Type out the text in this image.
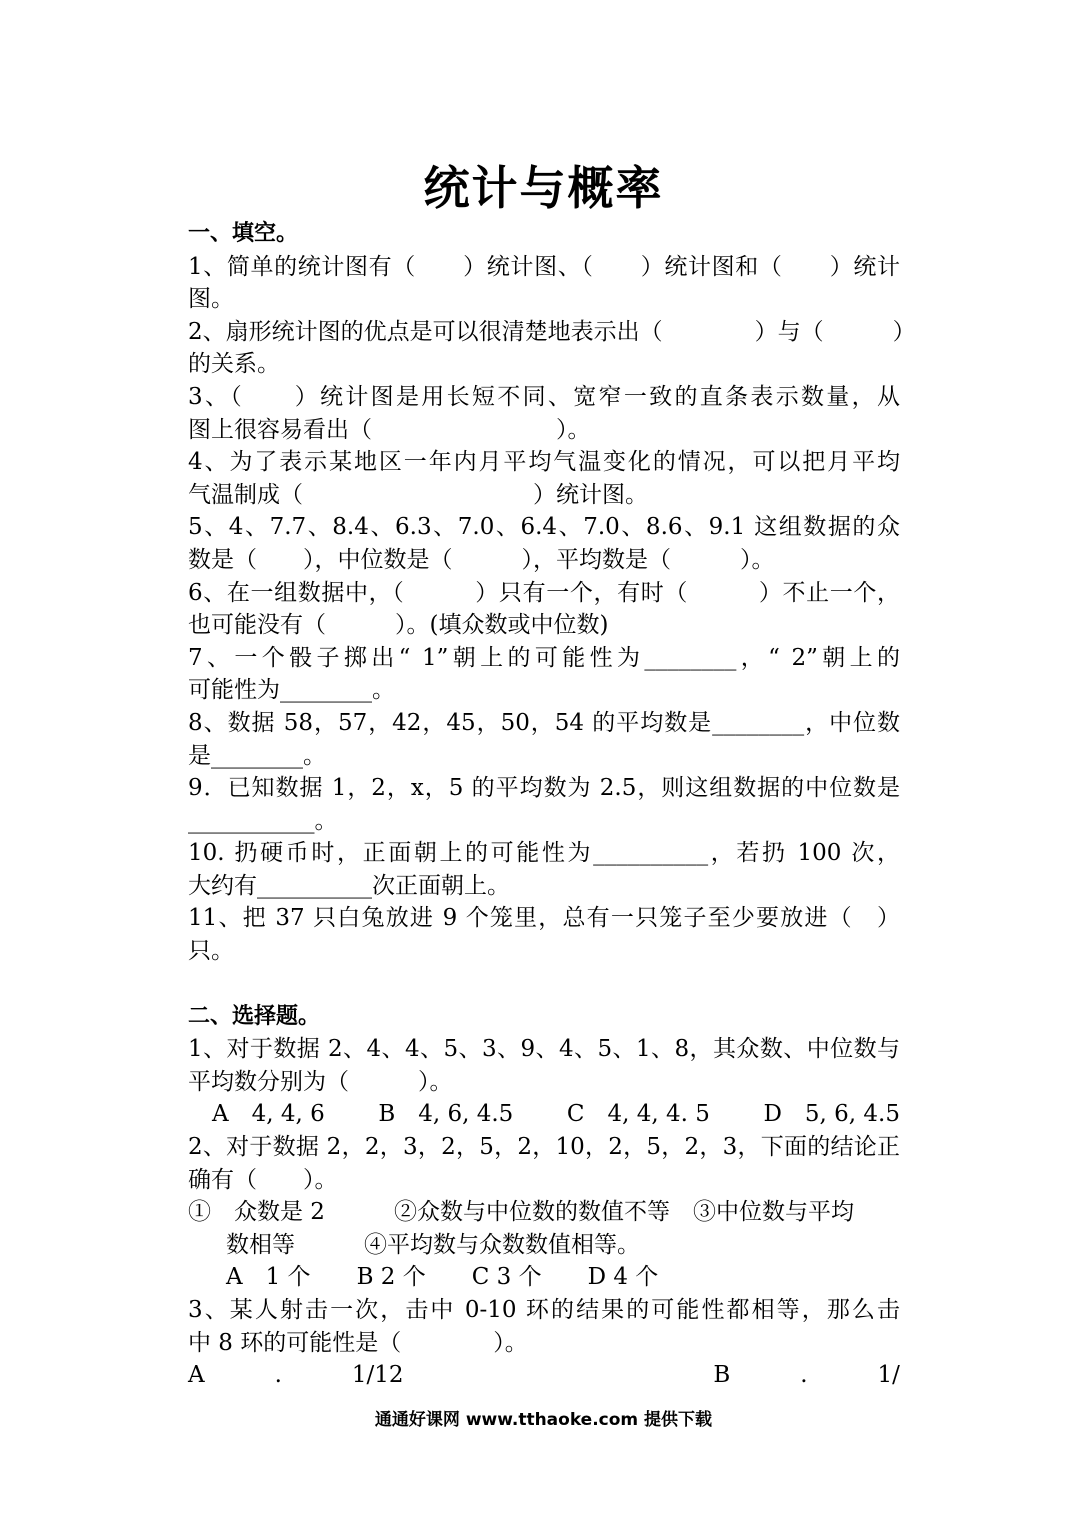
统计与概率
一、填空。
1、简单的统计图有（　　）统计图、（　　）统计图和（　　）统计
图。
2、扇形统计图的优点是可以很清楚地表示出（　　　　）与（　　　）
的关系。
3、（　　）统计图是用长短不同、宽窄一致的直条表示数量，从
图上很容易看出（　　　　　　　　）。
4、为了表示某地区一年内月平均气温变化的情况，可以把月平均
气温制成（　　　　　　　　　　）统计图。
5、4、7.7、8.4、6.3、7.0、6.4、7.0、8.6、9.1 这组数据的众
数是（　　），中位数是（　　　），平均数是（　　　）。
6、在一组数据中，（　　　）只有一个，有时（　　　）不止一个，
也可能没有（　　　）。(填众数或中位数)
7、一个骰子掷出“ 1”朝上的可能性为________，“ 2”朝上的
可能性为________。
8、数据 58，57，42，45，50，54 的平均数是________，中位数
是________。
9．已知数据 1，2，x，5 的平均数为 2.5，则这组数据的中位数是
___________。
10. 扔硬币时，正面朝上的可能性为__________，若扔 100 次，
大约有__________次正面朝上。
11、把 37 只白兔放进 9 个笼里，总有一只笼子至少要放进（　）
只。
二、选择题。
1、对于数据 2、4、4、5、3、9、4、5、1、8，其众数、中位数与
平均数分别为（　　　）。
A　4, 4, 6 B　4, 6, 4.5 C　4, 4, 4. 5 D　5, 6, 4.5
2、对于数据 2，2，3，2，5，2，10，2，5，2，3，下面的结论正
确有（　　）。
①　众数是 2　　　②众数与中位数的数值不等　③中位数与平均
数相等　　　④平均数与众数数值相等。
A　1 个　　 B 2 个　　 C 3 个　　 D 4 个
3、某人射击一次，击中 0-10 环的结果的可能性都相等，那么击
中 8 环的可能性是（　　　　）。
A	.	1/12	B	.	1/
通通好课网 www.tthaoke.com 提供下载
